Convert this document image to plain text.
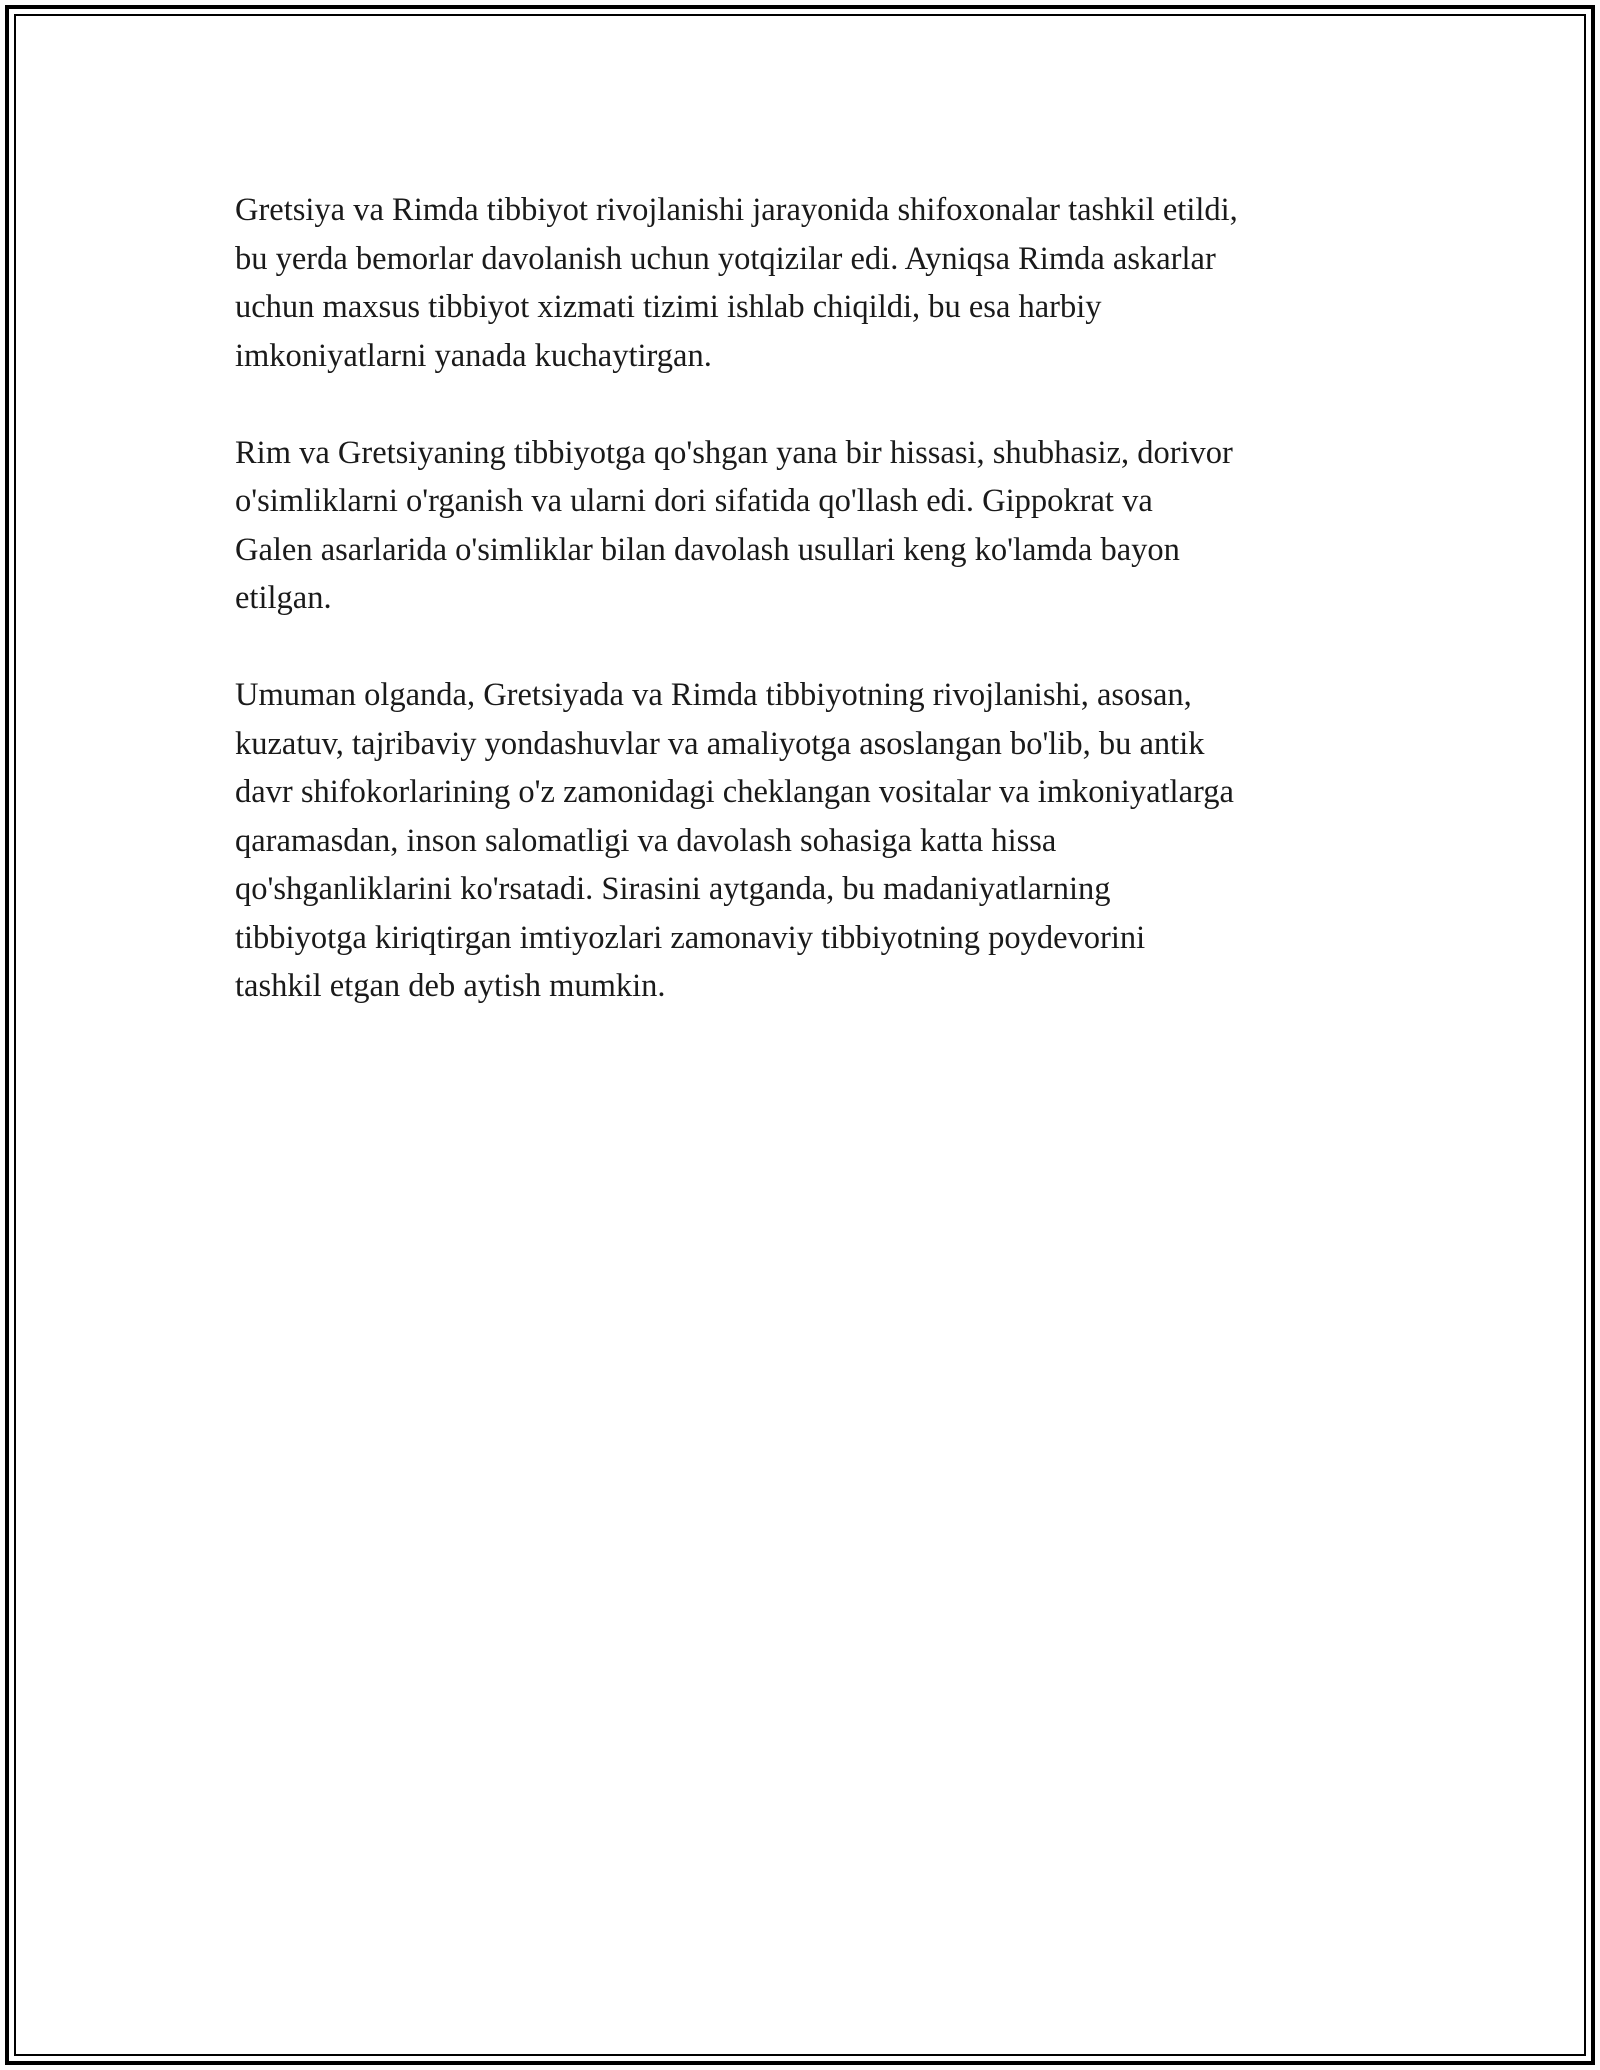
Gretsiya va Rimda tibbiyot rivojlanishi jarayonida shifoxonalar tashkil etildi,
bu yerda bemorlar davolanish uchun yotqizilar edi. Ayniqsa Rimda askarlar
uchun maxsus tibbiyot xizmati tizimi ishlab chiqildi, bu esa harbiy
imkoniyatlarni yanada kuchaytirgan.

Rim va Gretsiyaning tibbiyotga qo'shgan yana bir hissasi, shubhasiz, dorivor
o'simliklarni o'rganish va ularni dori sifatida qo'llash edi. Gippokrat va
Galen asarlarida o'simliklar bilan davolash usullari keng ko'lamda bayon
etilgan.

Umuman olganda, Gretsiyada va Rimda tibbiyotning rivojlanishi, asosan,
kuzatuv, tajribaviy yondashuvlar va amaliyotga asoslangan bo'lib, bu antik
davr shifokorlarining o'z zamonidagi cheklangan vositalar va imkoniyatlarga
qaramasdan, inson salomatligi va davolash sohasiga katta hissa
qo'shganliklarini ko'rsatadi. Sirasini aytganda, bu madaniyatlarning
tibbiyotga kiriqtirgan imtiyozlari zamonaviy tibbiyotning poydevorini
tashkil etgan deb aytish mumkin.
